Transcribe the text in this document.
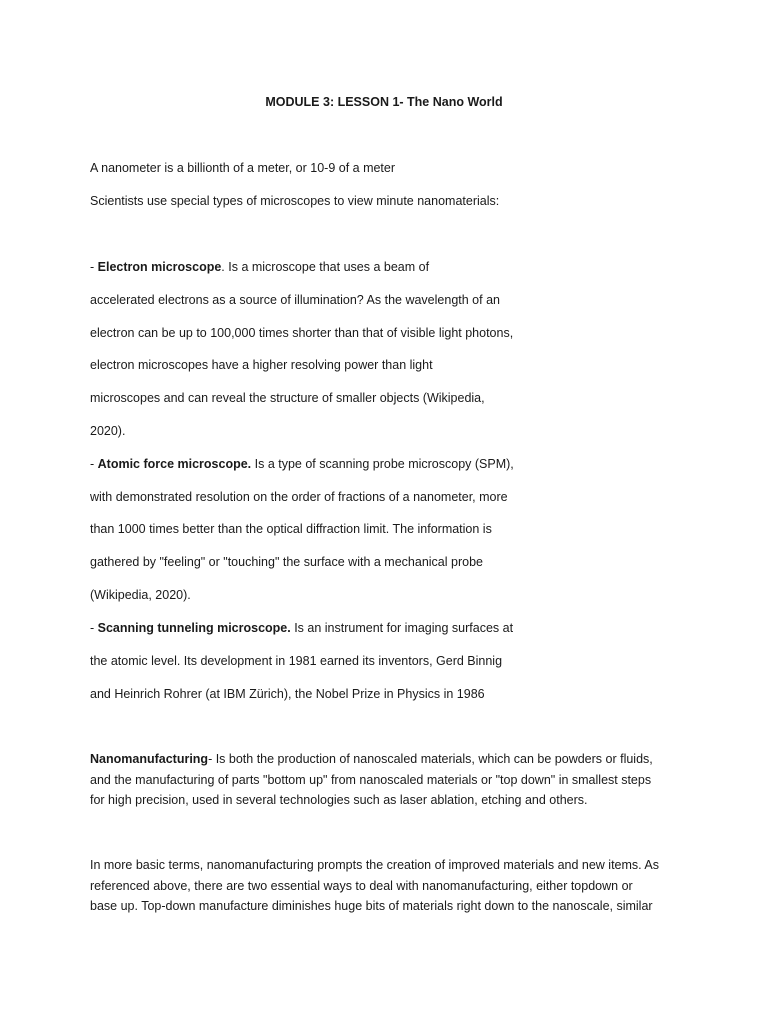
MODULE 3: LESSON 1- The Nano World
A nanometer is a billionth of a meter, or 10-9 of a meter
Scientists use special types of microscopes to view minute nanomaterials:
- Electron microscope. Is a microscope that uses a beam of
accelerated electrons as a source of illumination? As the wavelength of an
electron can be up to 100,000 times shorter than that of visible light photons,
electron microscopes have a higher resolving power than light
microscopes and can reveal the structure of smaller objects (Wikipedia,
2020).
- Atomic force microscope. Is a type of scanning probe microscopy (SPM),
with demonstrated resolution on the order of fractions of a nanometer, more
than 1000 times better than the optical diffraction limit. The information is
gathered by "feeling" or "touching" the surface with a mechanical probe
(Wikipedia, 2020).
- Scanning tunneling microscope. Is an instrument for imaging surfaces at
the atomic level. Its development in 1981 earned its inventors, Gerd Binnig
and Heinrich Rohrer (at IBM Zürich), the Nobel Prize in Physics in 1986
Nanomanufacturing- Is both the production of nanoscaled materials, which can be powders or fluids,
and the manufacturing of parts "bottom up" from nanoscaled materials or "top down" in smallest steps
for high precision, used in several technologies such as laser ablation, etching and others.
In more basic terms, nanomanufacturing prompts the creation of improved materials and new items. As
referenced above, there are two essential ways to deal with nanomanufacturing, either topdown or
base up. Top-down manufacture diminishes huge bits of materials right down to the nanoscale, similar
